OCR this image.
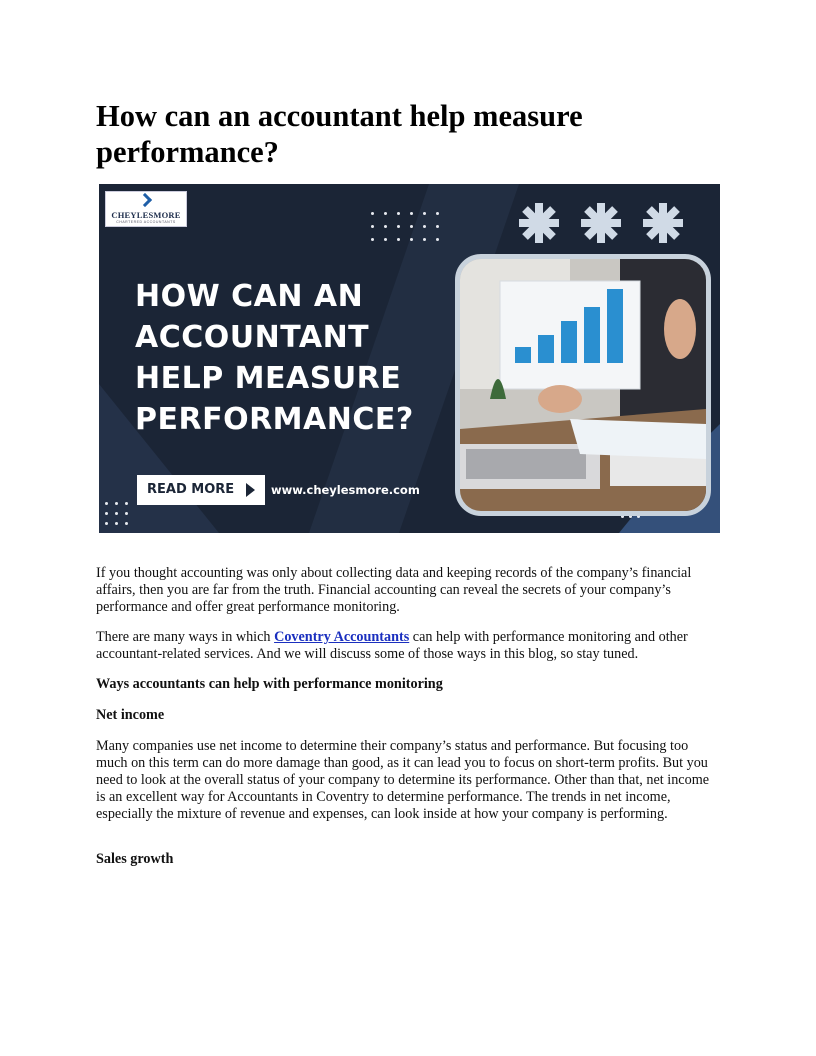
How can an accountant help measure performance?
CHEYLESMORE
CHARTERED ACCOUNTANTS
HOW CAN AN
ACCOUNTANT
HELP MEASURE
PERFORMANCE?
READ MORE	www.cheylesmore.com
If you thought accounting was only about collecting data and keeping records of the company’s financial affairs, then you are far from the truth. Financial accounting can reveal the secrets of your company’s performance and offer great performance monitoring.
There are many ways in which Coventry Accountants can help with performance monitoring and other accountant-related services. And we will discuss some of those ways in this blog, so stay tuned.
Ways accountants can help with performance monitoring
Net income
Many companies use net income to determine their company’s status and performance. But focusing too much on this term can do more damage than good, as it can lead you to focus on short-term profits. But you need to look at the overall status of your company to determine its performance. Other than that, net income is an excellent way for Accountants in Coventry to determine performance. The trends in net income, especially the mixture of revenue and expenses, can look inside at how your company is performing.
Sales growth
